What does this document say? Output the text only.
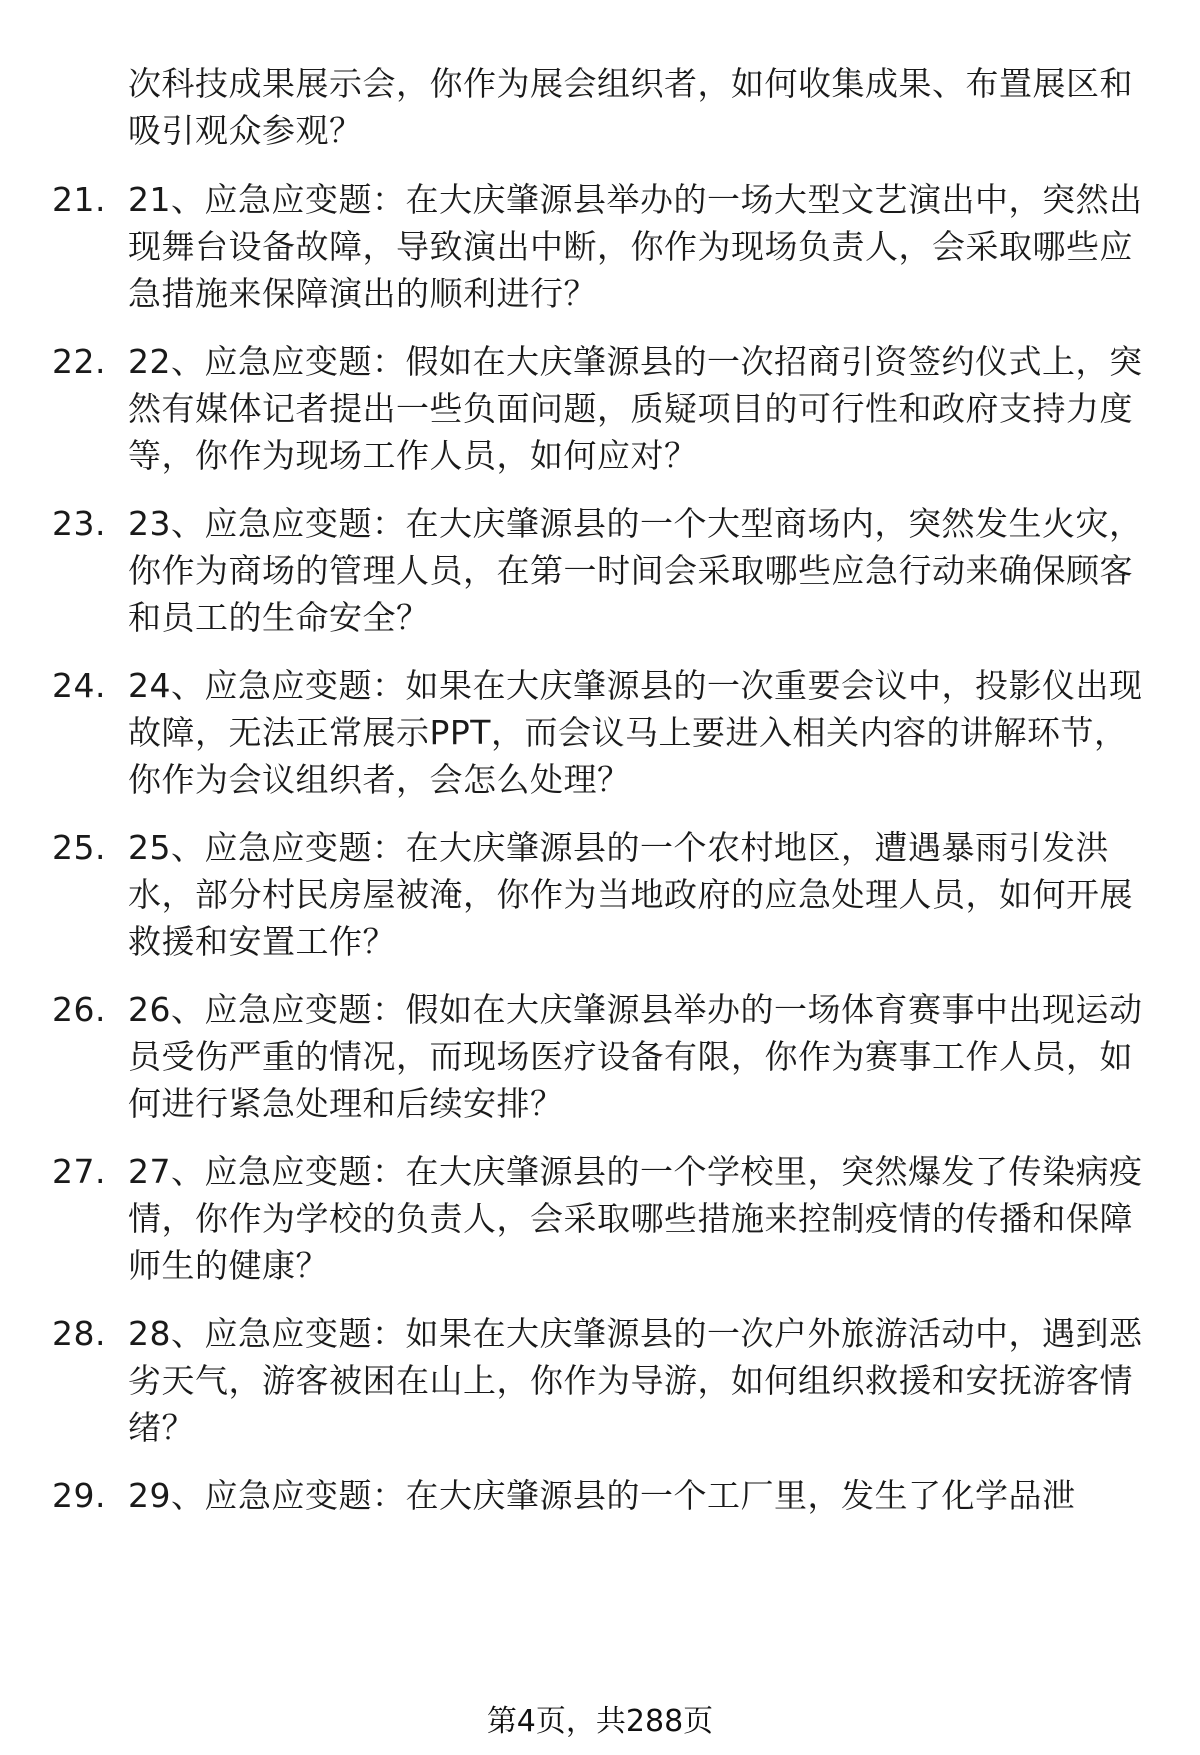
次科技成果展示会，你作为展会组织者，如何收集成果、布置展区和吸引观众参观？
21. 21、应急应变题：在大庆肇源县举办的一场大型文艺演出中，突然出现舞台设备故障，导致演出中断，你作为现场负责人，会采取哪些应急措施来保障演出的顺利进行？
22. 22、应急应变题：假如在大庆肇源县的一次招商引资签约仪式上，突然有媒体记者提出一些负面问题，质疑项目的可行性和政府支持力度等，你作为现场工作人员，如何应对？
23. 23、应急应变题：在大庆肇源县的一个大型商场内，突然发生火灾，你作为商场的管理人员，在第一时间会采取哪些应急行动来确保顾客和员工的生命安全？
24. 24、应急应变题：如果在大庆肇源县的一次重要会议中，投影仪出现故障，无法正常展示PPT，而会议马上要进入相关内容的讲解环节，你作为会议组织者，会怎么处理？
25. 25、应急应变题：在大庆肇源县的一个农村地区，遭遇暴雨引发洪水，部分村民房屋被淹，你作为当地政府的应急处理人员，如何开展救援和安置工作？
26. 26、应急应变题：假如在大庆肇源县举办的一场体育赛事中出现运动员受伤严重的情况，而现场医疗设备有限，你作为赛事工作人员，如何进行紧急处理和后续安排？
27. 27、应急应变题：在大庆肇源县的一个学校里，突然爆发了传染病疫情，你作为学校的负责人，会采取哪些措施来控制疫情的传播和保障师生的健康？
28. 28、应急应变题：如果在大庆肇源县的一次户外旅游活动中，遇到恶劣天气，游客被困在山上，你作为导游，如何组织救援和安抚游客情绪？
29. 29、应急应变题：在大庆肇源县的一个工厂里，发生了化学品泄
第4页，共288页
